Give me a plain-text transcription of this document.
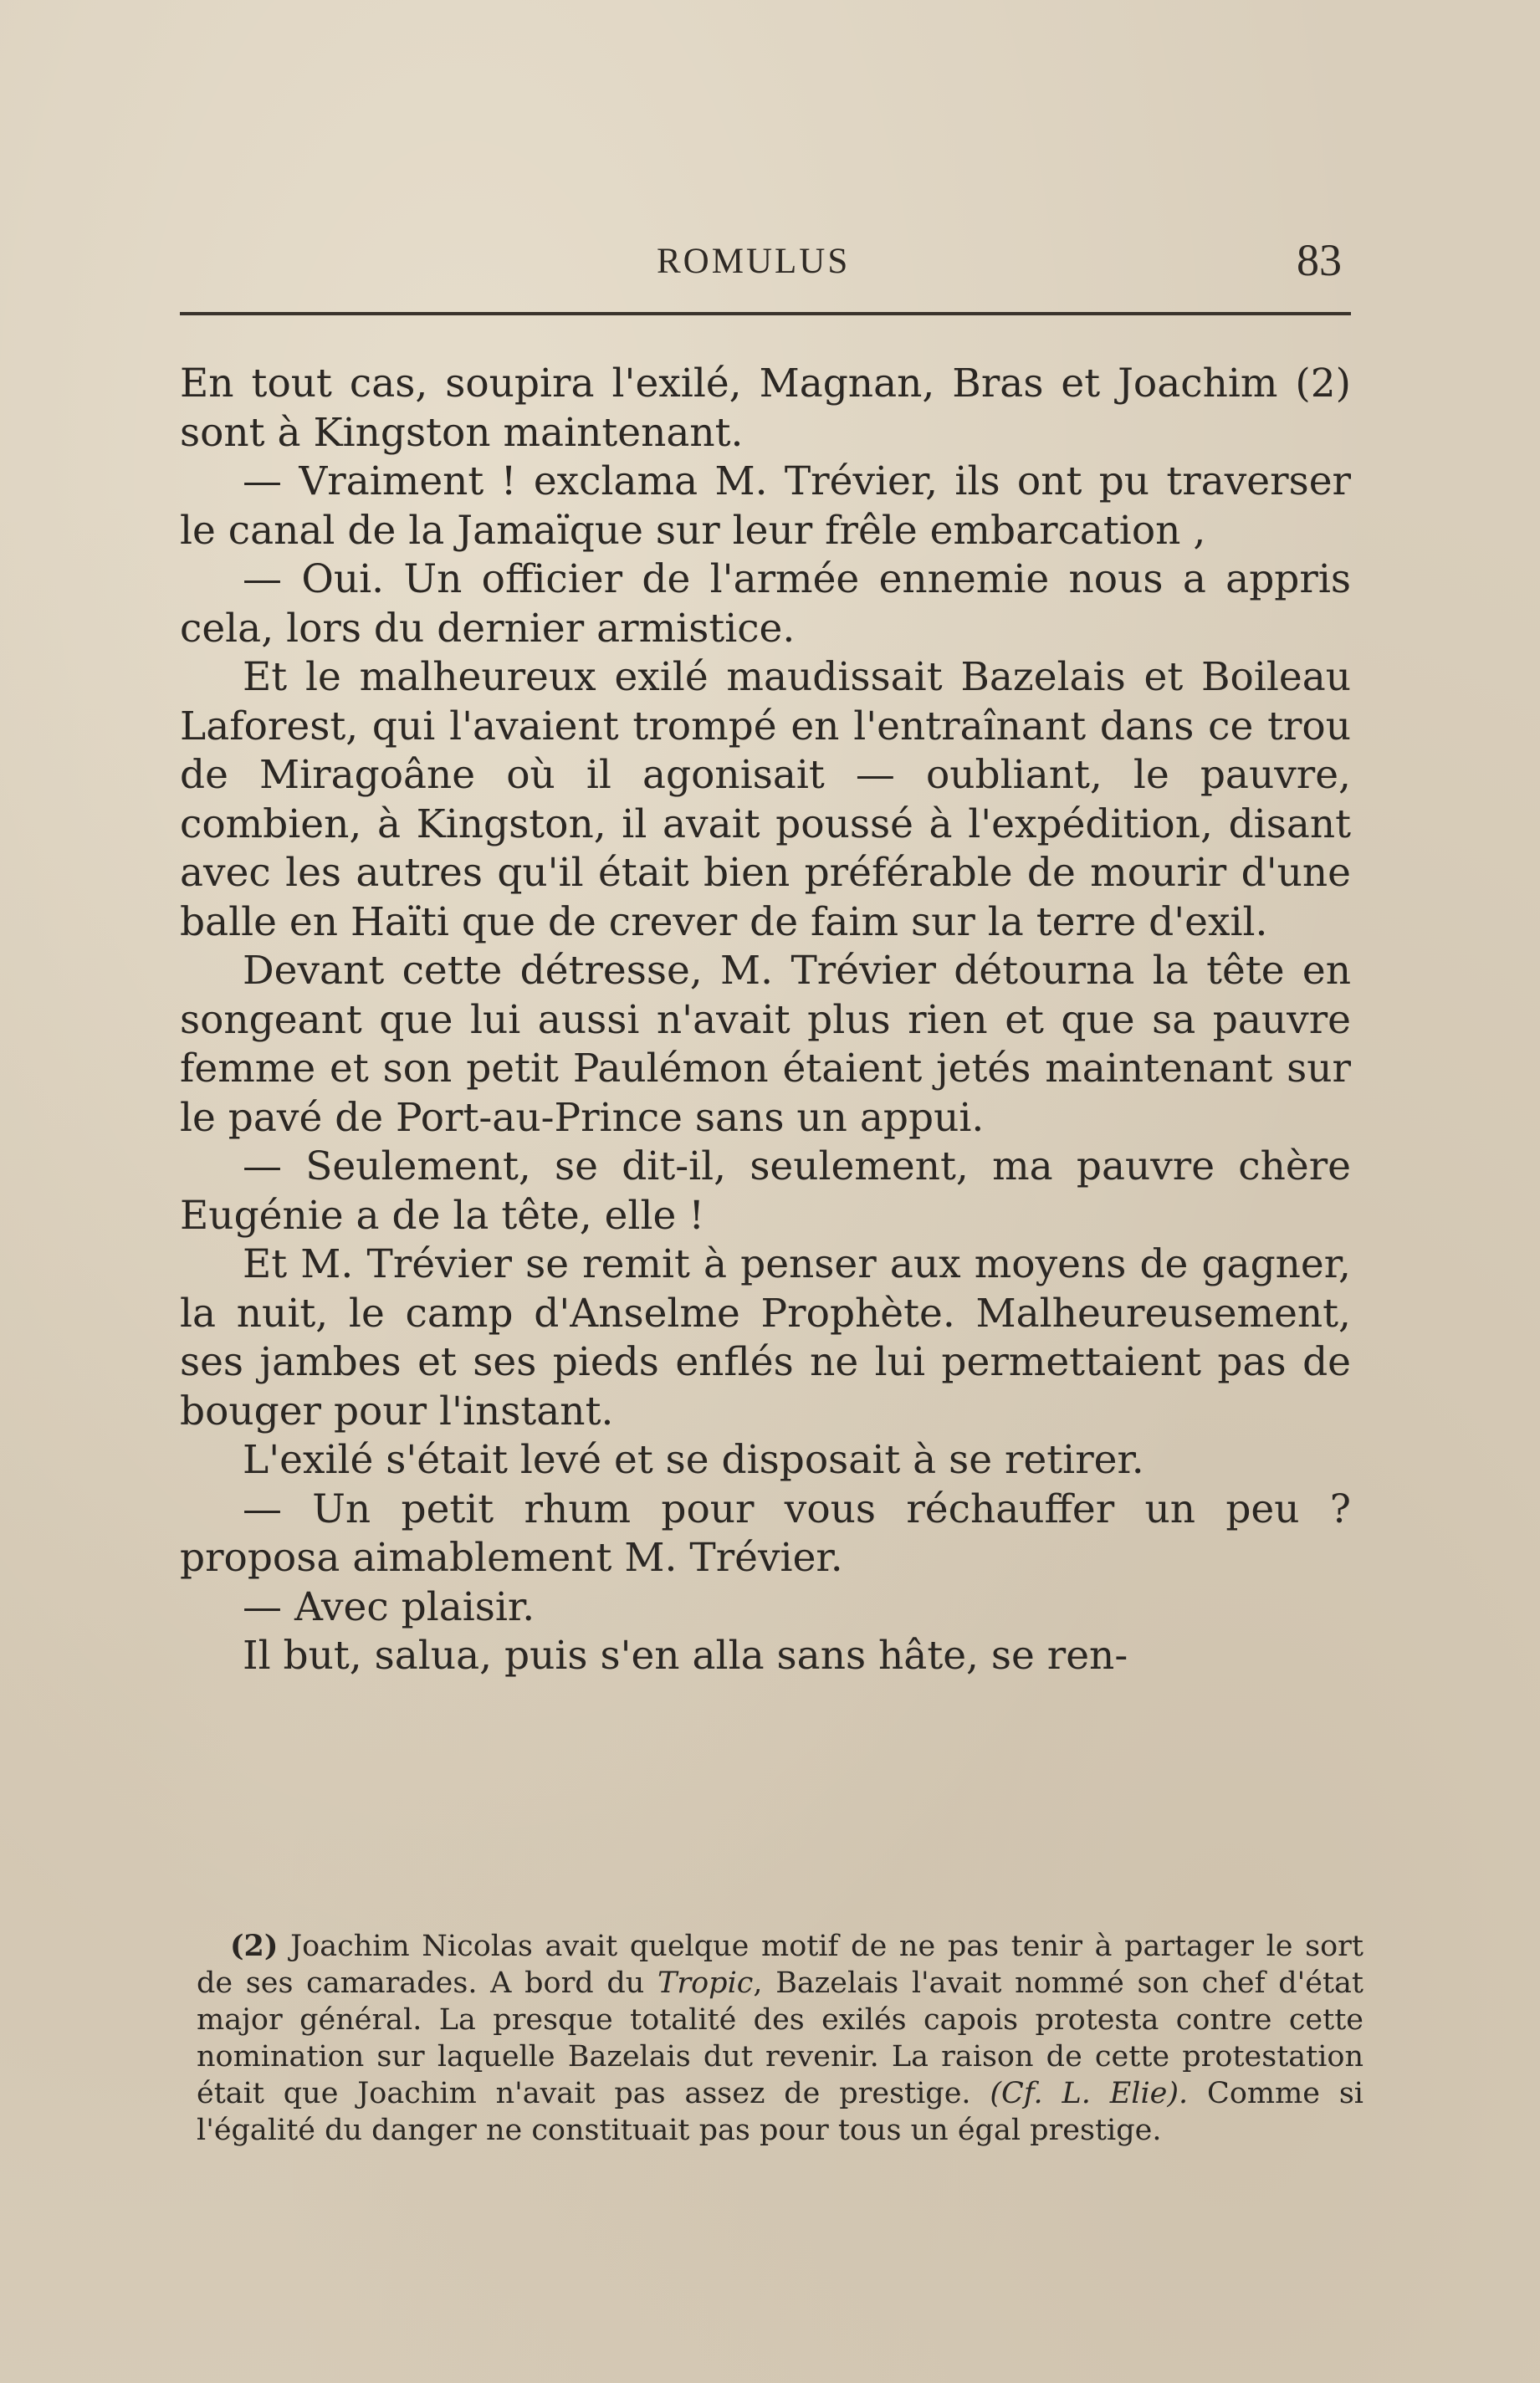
ROMULUS	83

En tout cas, soupira l'exilé, Magnan, Bras et Joachim (2) sont à Kingston maintenant.

— Vraiment ! exclama M. Trévier, ils ont pu traverser le canal de la Jamaïque sur leur frêle embarcation ,

— Oui. Un officier de l'armée ennemie nous a appris cela, lors du dernier armistice.

Et le malheureux exilé maudissait Bazelais et Boileau Laforest, qui l'avaient trompé en l'entraînant dans ce trou de Miragoâne où il agonisait — oubliant, le pauvre, combien, à Kingston, il avait poussé à l'expédition, disant avec les autres qu'il était bien préférable de mourir d'une balle en Haïti que de crever de faim sur la terre d'exil.

Devant cette détresse, M. Trévier détourna la tête en songeant que lui aussi n'avait plus rien et que sa pauvre femme et son petit Paulémon étaient jetés maintenant sur le pavé de Port-au-Prince sans un appui.

— Seulement, se dit-il, seulement, ma pauvre chère Eugénie a de la tête, elle !

Et M. Trévier se remit à penser aux moyens de gagner, la nuit, le camp d'Anselme Prophète. Malheureusement, ses jambes et ses pieds enflés ne lui permettaient pas de bouger pour l'instant.

L'exilé s'était levé et se disposait à se retirer.

— Un petit rhum pour vous réchauffer un peu ? proposa aimablement M. Trévier.

— Avec plaisir.

Il but, salua, puis s'en alla sans hâte, se ren-

(2) Joachim Nicolas avait quelque motif de ne pas tenir à partager le sort de ses camarades. A bord du Tropic, Bazelais l'avait nommé son chef d'état major général. La presque totalité des exilés capois protesta contre cette nomination sur laquelle Bazelais dut revenir. La raison de cette protestation était que Joachim n'avait pas assez de prestige. (Cf. L. Elie). Comme si l'égalité du danger ne constituait pas pour tous un égal prestige.
